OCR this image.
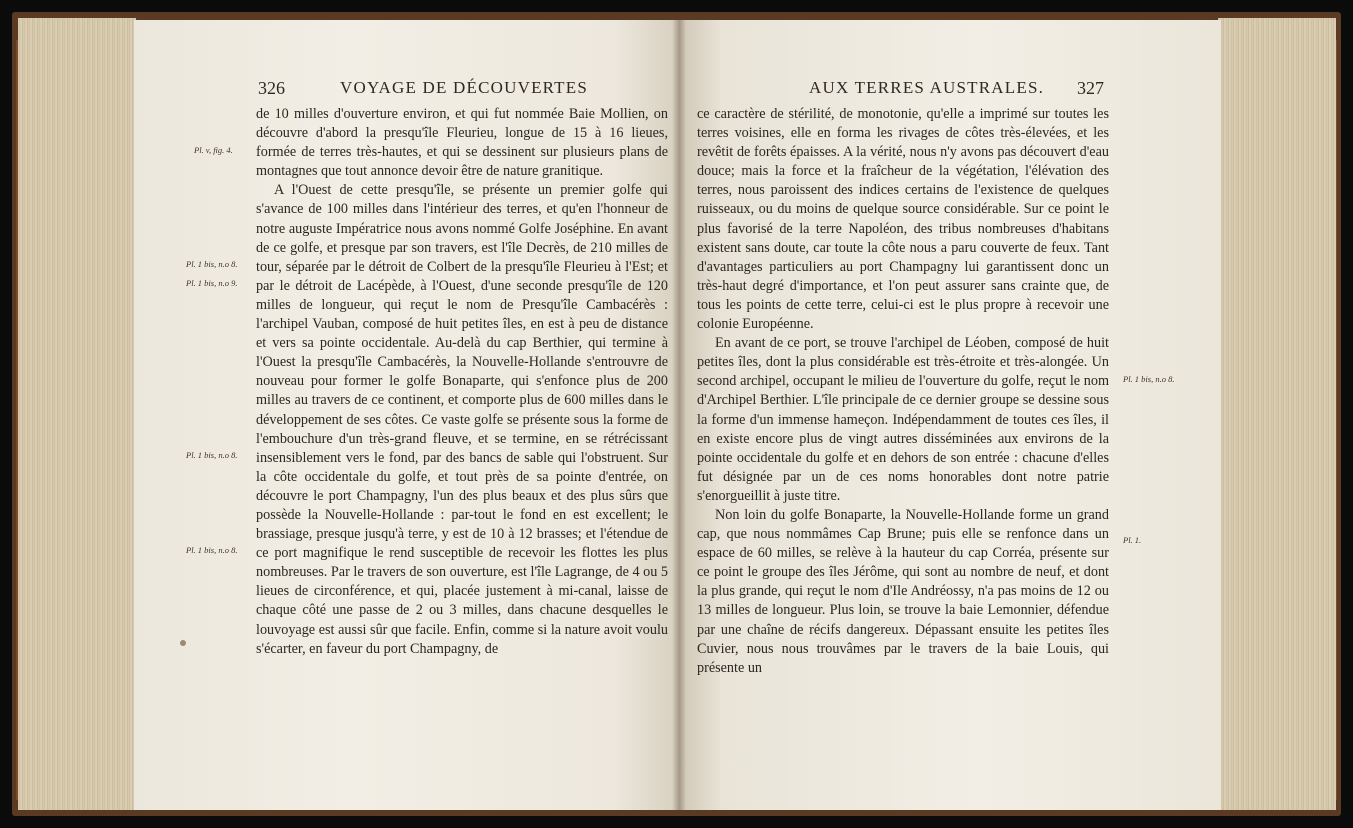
326	VOYAGE DE DÉCOUVERTES
Pl. v, fig. 4.
Pl. 1 bis, n.o 8.
Pl. 1 bis, n.o 9.
Pl. 1 bis, n.o 8.
Pl. 1 bis, n.o 8.

de 10 milles d'ouverture environ, et qui fut nommée Baie Mollien, on découvre d'abord la presqu'île Fleurieu, longue de 15 à 16 lieues, formée de terres très-hautes, et qui se dessinent sur plusieurs plans de montagnes que tout annonce devoir être de nature granitique.

A l'Ouest de cette presqu'île, se présente un premier golfe qui s'avance de 100 milles dans l'intérieur des terres, et qu'en l'honneur de notre auguste Impératrice nous avons nommé Golfe Joséphine. En avant de ce golfe, et presque par son travers, est l'île Decrès, de 210 milles de tour, séparée par le détroit de Colbert de la presqu'île Fleurieu à l'Est; et par le détroit de Lacépède, à l'Ouest, d'une seconde presqu'île de 120 milles de longueur, qui reçut le nom de Presqu'île Cambacérès : l'archipel Vauban, composé de huit petites îles, en est à peu de distance et vers sa pointe occidentale. Au-delà du cap Berthier, qui termine à l'Ouest la presqu'île Cambacérès, la Nouvelle-Hollande s'entrouvre de nouveau pour former le golfe Bonaparte, qui s'enfonce plus de 200 milles au travers de ce continent, et comporte plus de 600 milles dans le développement de ses côtes. Ce vaste golfe se présente sous la forme de l'embouchure d'un très-grand fleuve, et se termine, en se rétrécissant insensiblement vers le fond, par des bancs de sable qui l'obstruent. Sur la côte occidentale du golfe, et tout près de sa pointe d'entrée, on découvre le port Champagny, l'un des plus beaux et des plus sûrs que possède la Nouvelle-Hollande : par-tout le fond en est excellent; le brassiage, presque jusqu'à terre, y est de 10 à 12 brasses; et l'étendue de ce port magnifique le rend susceptible de recevoir les flottes les plus nombreuses. Par le travers de son ouverture, est l'île Lagrange, de 4 ou 5 lieues de circonférence, et qui, placée justement à mi-canal, laisse de chaque côté une passe de 2 ou 3 milles, dans chacune desquelles le louvoyage est aussi sûr que facile. Enfin, comme si la nature avoit voulu s'écarter, en faveur du port Champagny, de

AUX TERRES AUSTRALES. 327

ce caractère de stérilité, de monotonie, qu'elle a imprimé sur toutes les terres voisines, elle en forma les rivages de côtes très-élevées, et les revêtit de forêts épaisses. A la vérité, nous n'y avons pas découvert d'eau douce; mais la force et la fraîcheur de la végétation, l'élévation des terres, nous paroissent des indices certains de l'existence de quelques ruisseaux, ou du moins de quelque source considérable. Sur ce point le plus favorisé de la terre Napoléon, des tribus nombreuses d'habitans existent sans doute, car toute la côte nous a paru couverte de feux. Tant d'avantages particuliers au port Champagny lui garantissent donc un très-haut degré d'importance, et l'on peut assurer sans crainte que, de tous les points de cette terre, celui-ci est le plus propre à recevoir une colonie Européenne.

En avant de ce port, se trouve l'archipel de Léoben, composé de huit petites îles, dont la plus considérable est très-étroite et très-alongée. Un second archipel, occupant le milieu de l'ouverture du golfe, reçut le nom d'Archipel Berthier. L'île principale de ce dernier groupe se dessine sous la forme d'un immense hameçon. Indépendamment de toutes ces îles, il en existe encore plus de vingt autres disséminées aux environs de la pointe occidentale du golfe et en dehors de son entrée : chacune d'elles fut désignée par un de ces noms honorables dont notre patrie s'enorgueillit à juste titre.

Non loin du golfe Bonaparte, la Nouvelle-Hollande forme un grand cap, que nous nommâmes Cap Brune; puis elle se renfonce dans un espace de 60 milles, se relève à la hauteur du cap Corréa, présente sur ce point le groupe des îles Jérôme, qui sont au nombre de neuf, et dont la plus grande, qui reçut le nom d'Ile Andréossy, n'a pas moins de 12 ou 13 milles de longueur. Plus loin, se trouve la baie Lemonnier, défendue par une chaîne de récifs dangereux. Dépassant ensuite les petites îles Cuvier, nous nous trouvâmes par le travers de la baie Louis, qui présente un

Pl. 1 bis, n.o 8.
Pl. 1.
